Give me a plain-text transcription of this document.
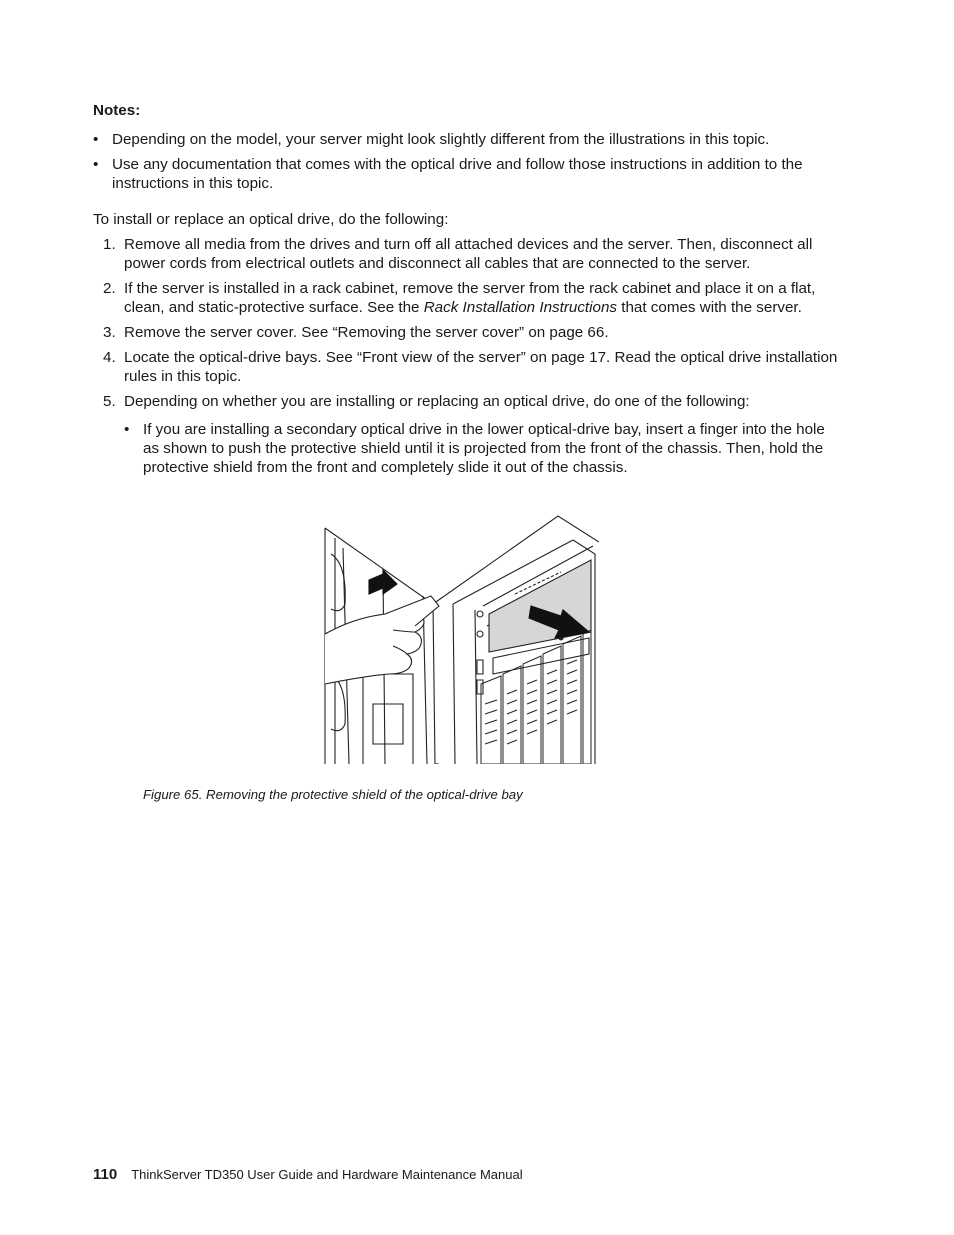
Notes:
• Depending on the model, your server might look slightly different from the illustrations in this topic.
• Use any documentation that comes with the optical drive and follow those instructions in addition to the instructions in this topic.
To install or replace an optical drive, do the following:
1. Remove all media from the drives and turn off all attached devices and the server. Then, disconnect all power cords from electrical outlets and disconnect all cables that are connected to the server.
2. If the server is installed in a rack cabinet, remove the server from the rack cabinet and place it on a flat, clean, and static-protective surface. See the Rack Installation Instructions that comes with the server.
3. Remove the server cover. See “Removing the server cover” on page 66.
4. Locate the optical-drive bays. See “Front view of the server” on page 17. Read the optical drive installation rules in this topic.
5. Depending on whether you are installing or replacing an optical drive, do one of the following:
• If you are installing a secondary optical drive in the lower optical-drive bay, insert a finger into the hole as shown to push the protective shield until it is projected from the front of the chassis. Then, hold the protective shield from the front and completely slide it out of the chassis.
Figure 65. Removing the protective shield of the optical-drive bay
110 ThinkServer TD350 User Guide and Hardware Maintenance Manual
